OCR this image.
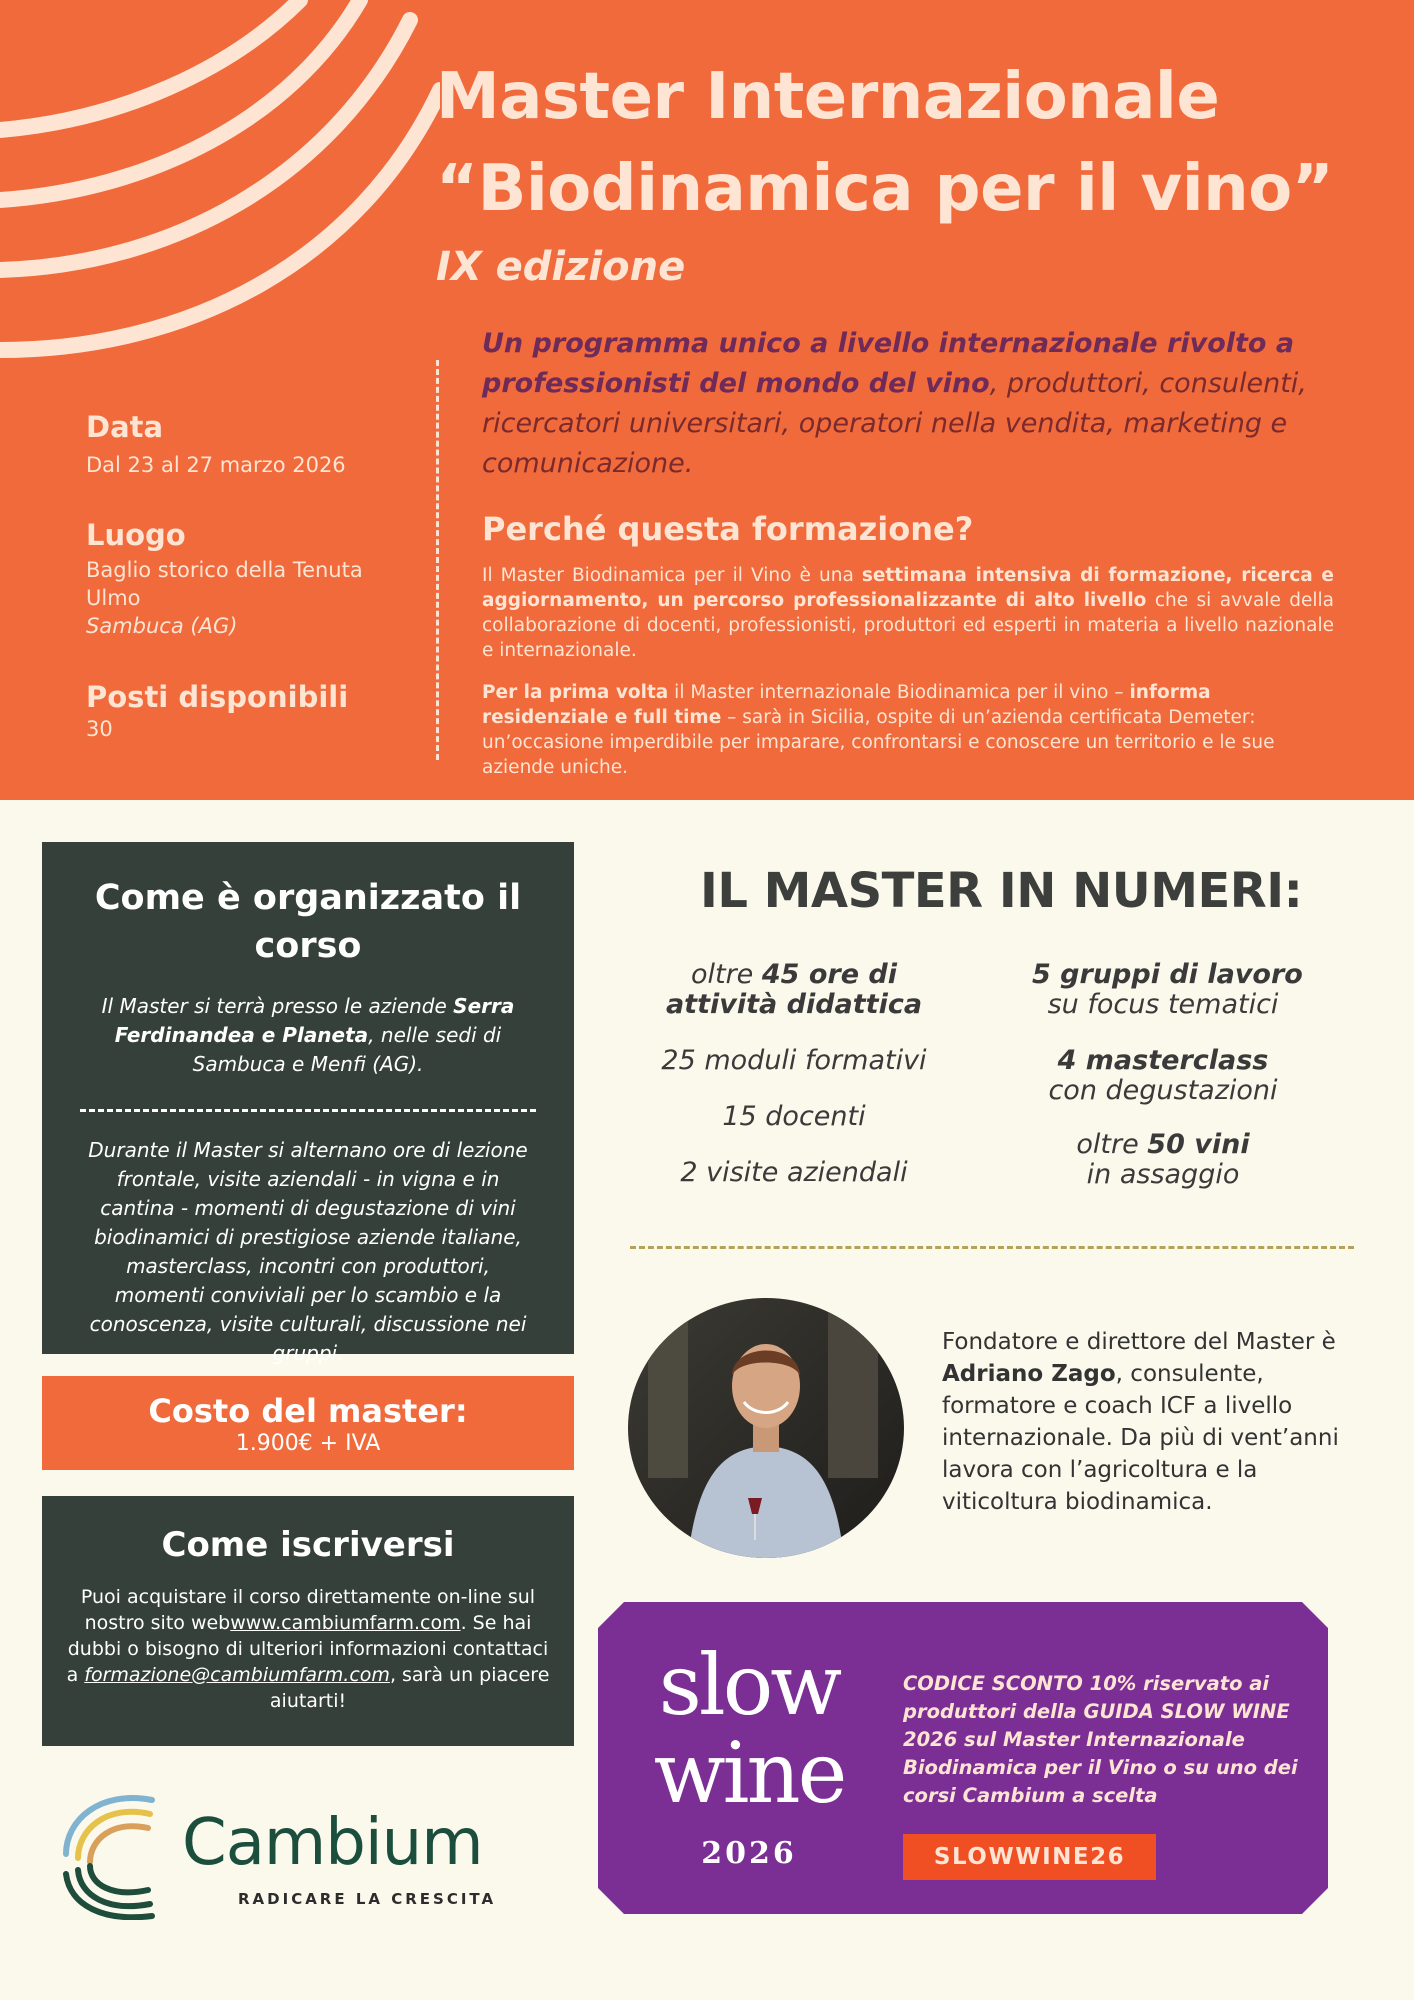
Master Internazionale
“Biodinamica per il vino”
IX edizione
Un programma unico a livello internazionale rivolto a professionisti del mondo del vino, produttori, consulenti, ricercatori universitari, operatori nella vendita, marketing e comunicazione.
Data
Dal 23 al 27 marzo 2026
Luogo
Baglio storico della Tenuta Ulmo
Sambuca (AG)
Posti disponibili
30
Perché questa formazione?
Il Master Biodinamica per il Vino è una settimana intensiva di formazione, ricerca e aggiornamento, un percorso professionalizzante di alto livello che si avvale della collaborazione di docenti, professionisti, produttori ed esperti in materia a livello nazionale e internazionale.
Per la prima volta il Master internazionale Biodinamica per il vino – informa residenziale e full time – sarà in Sicilia, ospite di un’azienda certificata Demeter: un’occasione imperdibile per imparare, confrontarsi e conoscere un territorio e le sue aziende uniche.
Come è organizzato il corso
Il Master si terrà presso le aziende Serra Ferdinandea e Planeta, nelle sedi di Sambuca e Menfi (AG).
Durante il Master si alternano ore di lezione frontale, visite aziendali - in vigna e in cantina - momenti di degustazione di vini biodinamici di prestigiose aziende italiane, masterclass, incontri con produttori, momenti conviviali per lo scambio e la conoscenza, visite culturali, discussione nei gruppi.
Costo del master:
1.900€ + IVA
Come iscriversi
Puoi acquistare il corso direttamente on-line sul nostro sito webwww.cambiumfarm.com. Se hai dubbi o bisogno di ulteriori informazioni contattaci a formazione@cambiumfarm.com, sarà un piacere aiutarti!
IL MASTER IN NUMERI:
oltre 45 ore di
attività didattica
25 moduli formativi
15 docenti
2 visite aziendali
5 gruppi di lavoro
su focus tematici
4 masterclass
con degustazioni
oltre 50 vini
in assaggio
Fondatore e direttore del Master è Adriano Zago, consulente, formatore e coach ICF a livello internazionale. Da più di vent’anni lavora con l’agricoltura e la viticoltura biodinamica.
slow
wine
2026
CODICE SCONTO 10% riservato ai produttori della GUIDA SLOW WINE 2026 sul Master Internazionale Biodinamica per il Vino o su uno dei corsi Cambium a scelta
SLOWWINE26
Cambium
RADICARE LA CRESCITA
